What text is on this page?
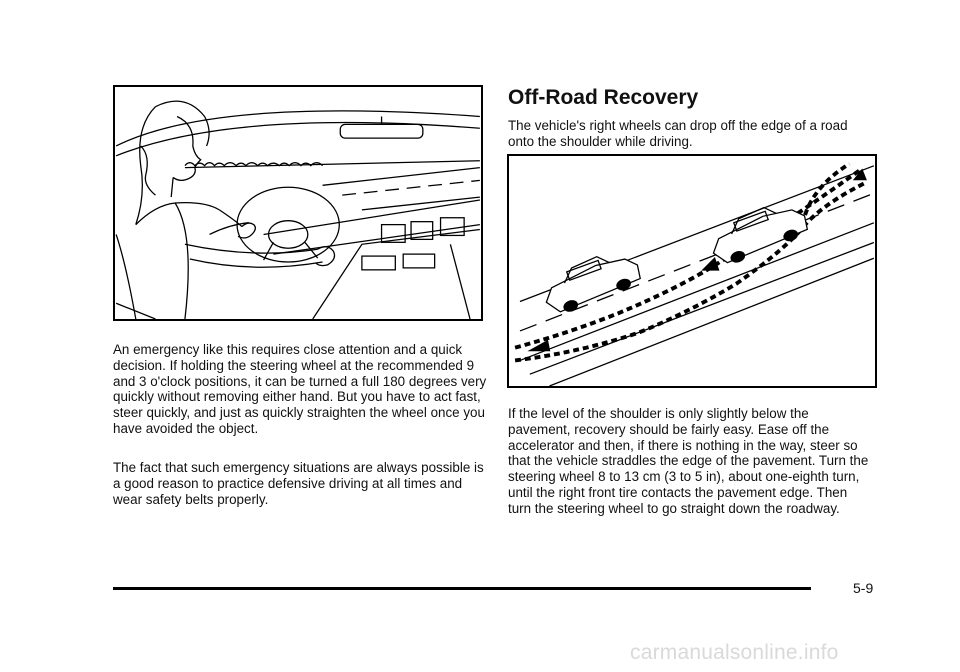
An emergency like this requires close attention and a quick decision. If holding the steering wheel at the recommended 9 and 3 o'clock positions, it can be turned a full 180 degrees very quickly without removing either hand. But you have to act fast, steer quickly, and just as quickly straighten the wheel once you have avoided the object.

The fact that such emergency situations are always possible is a good reason to practice defensive driving at all times and wear safety belts properly.

Off-Road Recovery

The vehicle's right wheels can drop off the edge of a road onto the shoulder while driving.

If the level of the shoulder is only slightly below the pavement, recovery should be fairly easy. Ease off the accelerator and then, if there is nothing in the way, steer so that the vehicle straddles the edge of the pavement. Turn the steering wheel 8 to 13 cm (3 to 5 in), about one-eighth turn, until the right front tire contacts the pavement edge. Then turn the steering wheel to go straight down the roadway.

5-9
carmanualsonline.info
